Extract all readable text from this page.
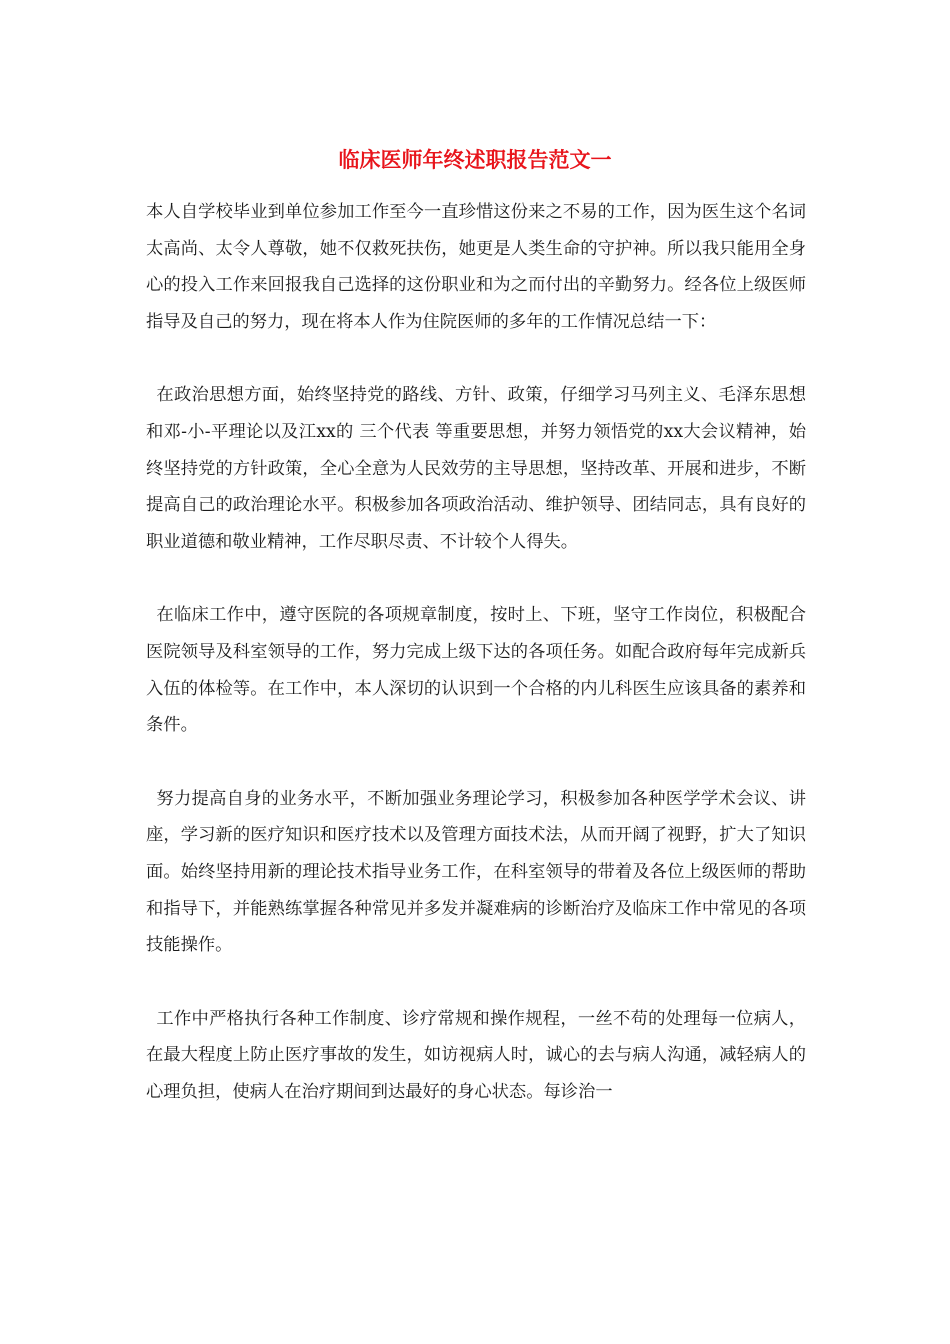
临床医师年终述职报告范文一

本人自学校毕业到单位参加工作至今一直珍惜这份来之不易的工作，因为医生这个名词太高尚、太令人尊敬，她不仅救死扶伤，她更是人类生命的守护神。所以我只能用全身心的投入工作来回报我自己选择的这份职业和为之而付出的辛勤努力。经各位上级医师指导及自己的努力，现在将本人作为住院医师的多年的工作情况总结一下：

在政治思想方面，始终坚持党的路线、方针、政策，仔细学习马列主义、毛泽东思想和邓-小-平理论以及江xx的 三个代表 等重要思想，并努力领悟党的xx大会议精神，始终坚持党的方针政策，全心全意为人民效劳的主导思想，坚持改革、开展和进步，不断提高自己的政治理论水平。积极参加各项政治活动、维护领导、团结同志，具有良好的职业道德和敬业精神，工作尽职尽责、不计较个人得失。

在临床工作中，遵守医院的各项规章制度，按时上、下班，坚守工作岗位，积极配合医院领导及科室领导的工作，努力完成上级下达的各项任务。如配合政府每年完成新兵入伍的体检等。在工作中，本人深切的认识到一个合格的内儿科医生应该具备的素养和条件。

努力提高自身的业务水平，不断加强业务理论学习，积极参加各种医学学术会议、讲座，学习新的医疗知识和医疗技术以及管理方面技术法，从而开阔了视野，扩大了知识面。始终坚持用新的理论技术指导业务工作，在科室领导的带着及各位上级医师的帮助和指导下，并能熟练掌握各种常见并多发并凝难病的诊断治疗及临床工作中常见的各项技能操作。

工作中严格执行各种工作制度、诊疗常规和操作规程，一丝不苟的处理每一位病人，在最大程度上防止医疗事故的发生，如访视病人时，诚心的去与病人沟通，减轻病人的心理负担，使病人在治疗期间到达最好的身心状态。每诊治一
